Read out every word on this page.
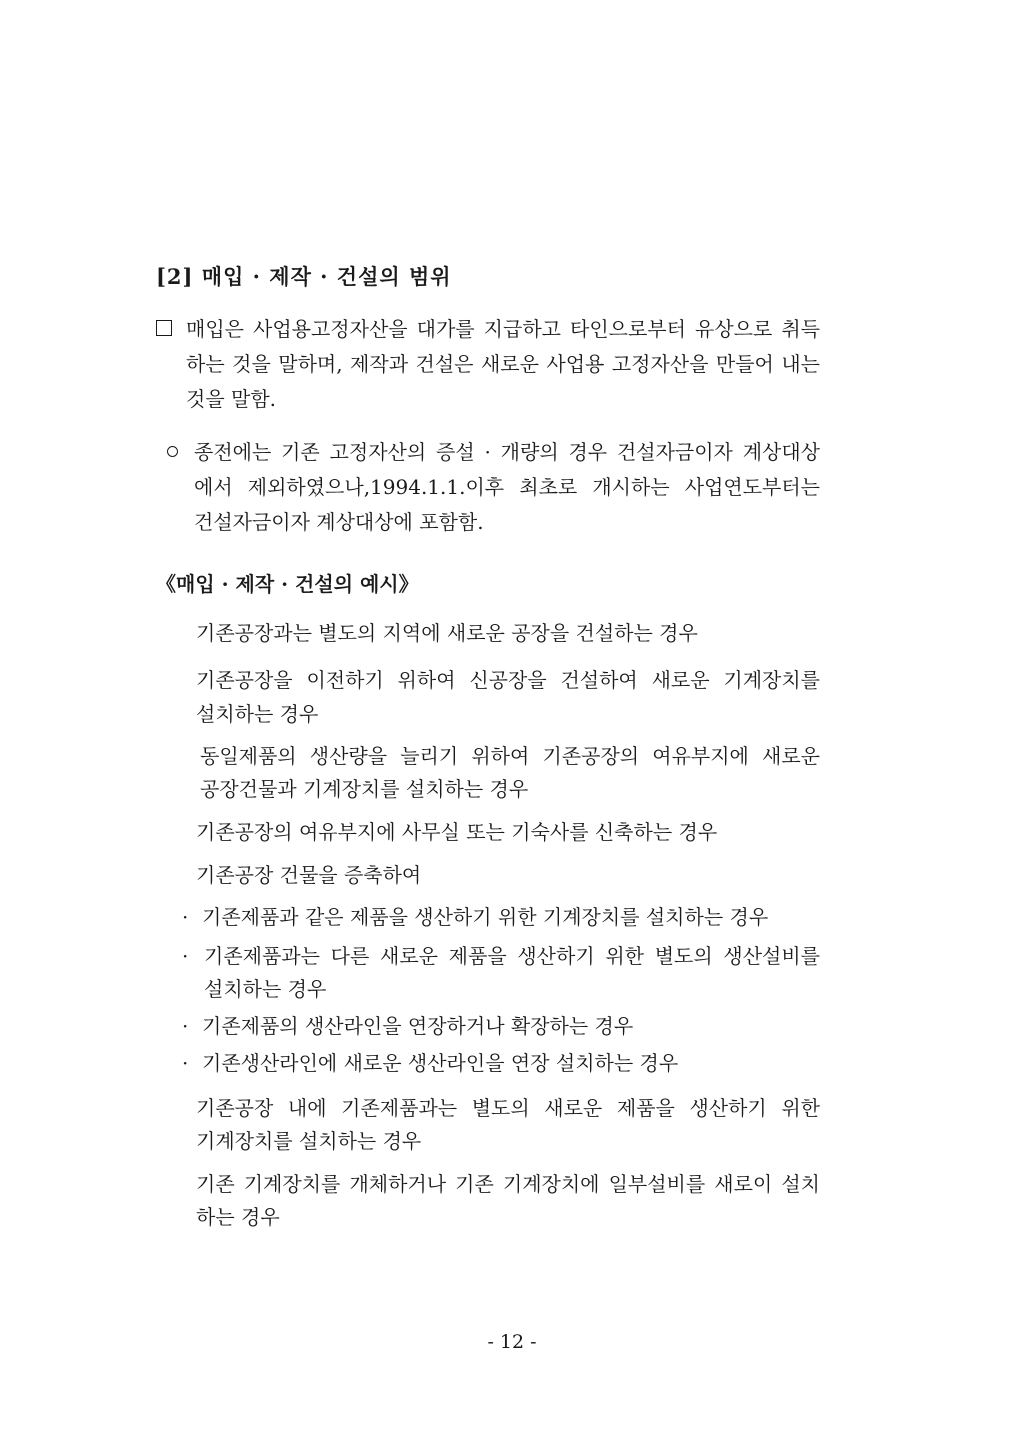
[2] 매입 · 제작 · 건설의 범위
매입은 사업용고정자산을 대가를 지급하고 타인으로부터 유상으로 취득
하는 것을 말하며, 제작과 건설은 새로운 사업용 고정자산을 만들어 내는
것을 말함.
종전에는 기존 고정자산의 증설 · 개량의 경우 건설자금이자 계상대상
에서 제외하였으나,1994.1.1.이후 최초로 개시하는 사업연도부터는
건설자금이자 계상대상에 포함함.
《매입 · 제작 · 건설의 예시》
기존공장과는 별도의 지역에 새로운 공장을 건설하는 경우
기존공장을 이전하기 위하여 신공장을 건설하여 새로운 기계장치를
설치하는 경우
동일제품의 생산량을 늘리기 위하여 기존공장의 여유부지에 새로운
공장건물과 기계장치를 설치하는 경우
기존공장의 여유부지에 사무실 또는 기숙사를 신축하는 경우
기존공장 건물을 증축하여
· 기존제품과 같은 제품을 생산하기 위한 기계장치를 설치하는 경우
· 기존제품과는 다른 새로운 제품을 생산하기 위한 별도의 생산설비를
설치하는 경우
· 기존제품의 생산라인을 연장하거나 확장하는 경우
· 기존생산라인에 새로운 생산라인을 연장 설치하는 경우
기존공장 내에 기존제품과는 별도의 새로운 제품을 생산하기 위한
기계장치를 설치하는 경우
기존 기계장치를 개체하거나 기존 기계장치에 일부설비를 새로이 설치
하는 경우
- 12 -
